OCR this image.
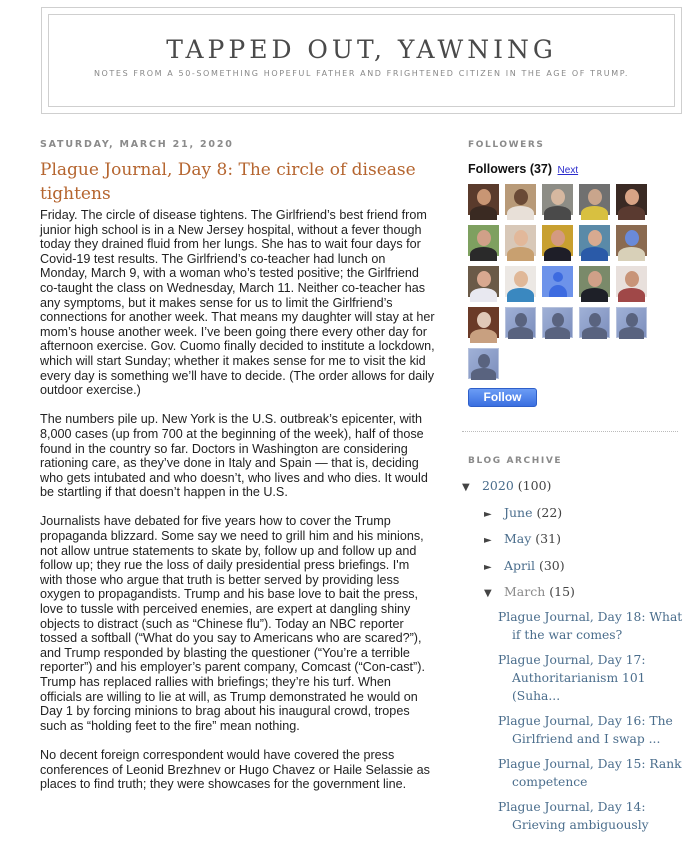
TAPPED OUT, YAWNING
NOTES FROM A 50-SOMETHING HOPEFUL FATHER AND FRIGHTENED CITIZEN IN THE AGE OF TRUMP.
SATURDAY, MARCH 21, 2020
Plague Journal, Day 8: The circle of disease tightens

Friday. The circle of disease tightens. The Girlfriend’s best friend from junior high school is in a New Jersey hospital, without a fever though today they drained fluid from her lungs. She has to wait four days for Covid-19 test results. The Girlfriend’s co-teacher had lunch on Monday, March 9, with a woman who’s tested positive; the Girlfriend co-taught the class on Wednesday, March 11. Neither co-teacher has any symptoms, but it makes sense for us to limit the Girlfriend’s connections for another week. That means my daughter will stay at her mom’s house another week. I’ve been going there every other day for afternoon exercise. Gov. Cuomo finally decided to institute a lockdown, which will start Sunday; whether it makes sense for me to visit the kid every day is something we’ll have to decide. (The order allows for daily outdoor exercise.)

The numbers pile up. New York is the U.S. outbreak’s epicenter, with 8,000 cases (up from 700 at the beginning of the week), half of those found in the country so far. Doctors in Washington are considering rationing care, as they’ve done in Italy and Spain — that is, deciding who gets intubated and who doesn’t, who lives and who dies. It would be startling if that doesn’t happen in the U.S.

Journalists have debated for five years how to cover the Trump propaganda blizzard. Some say we need to grill him and his minions, not allow untrue statements to skate by, follow up and follow up and follow up; they rue the loss of daily presidential press briefings. I'm with those who argue that truth is better served by providing less oxygen to propagandists. Trump and his base love to bait the press, love to tussle with perceived enemies, are expert at dangling shiny objects to distract (such as “Chinese flu”). Today an NBC reporter tossed a softball (“What do you say to Americans who are scared?”), and Trump responded by blasting the questioner (“You’re a terrible reporter”) and his employer’s parent company, Comcast (“Con-cast”). Trump has replaced rallies with briefings; they’re his turf. When officials are willing to lie at will, as Trump demonstrated he would on Day 1 by forcing minions to brag about his inaugural crowd, tropes such as “holding feet to the fire” mean nothing.

No decent foreign correspondent would have covered the press conferences of Leonid Brezhnev or Hugo Chavez or Haile Selassie as places to find truth; they were showcases for the government line.

FOLLOWERS
Followers (37) Next
Follow
BLOG ARCHIVE
▼ 2020 (100)
► June (22)
► May (31)
► April (30)
▼ March (15)
Plague Journal, Day 18: What if the war comes?
Plague Journal, Day 17: Authoritarianism 101 (Suha...
Plague Journal, Day 16: The Girlfriend and I swap ...
Plague Journal, Day 15: Rank competence
Plague Journal, Day 14: Grieving ambiguously
